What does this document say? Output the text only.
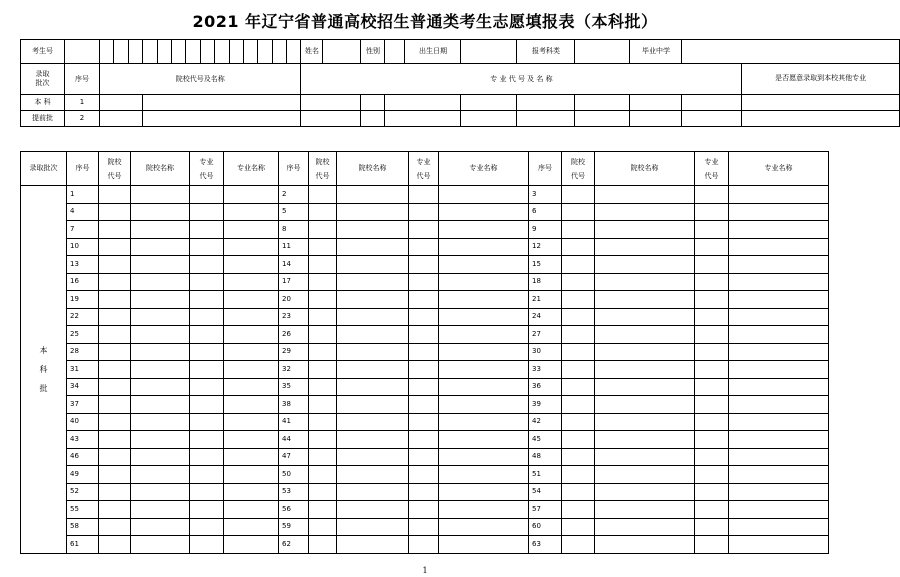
2021 年辽宁省普通高校招生普通类考生志愿填报表（本科批）
考生号																姓名		性别		出生日期		报考科类		毕业中学		
录取批次	序号	院校代号及名称														专 业 代 号 及 名 称										是否愿意录取到本校其他专业
本 科	1																									
提前批	2																									
录取批次	序号	院校代号	院校名称	专业代号	专业名称	序号	院校代号	院校名称	专业代号	专业名称	序号	院校代号	院校名称	专业代号	专业名称

本
科
批	1					2					3				
	4					5					6				
	7					8					9				
	10					11					12				
	13					14					15				
	16					17					18				
	19					20					21				
	22					23					24				
	25					26					27				
	28					29					30				
	31					32					33				
	34					35					36				
	37					38					39				
	40					41					42				
	43					44					45				
	46					47					48				
	49					50					51				
	52					53					54				
	55					56					57				
	58					59					60				
	61					62					63				
1
